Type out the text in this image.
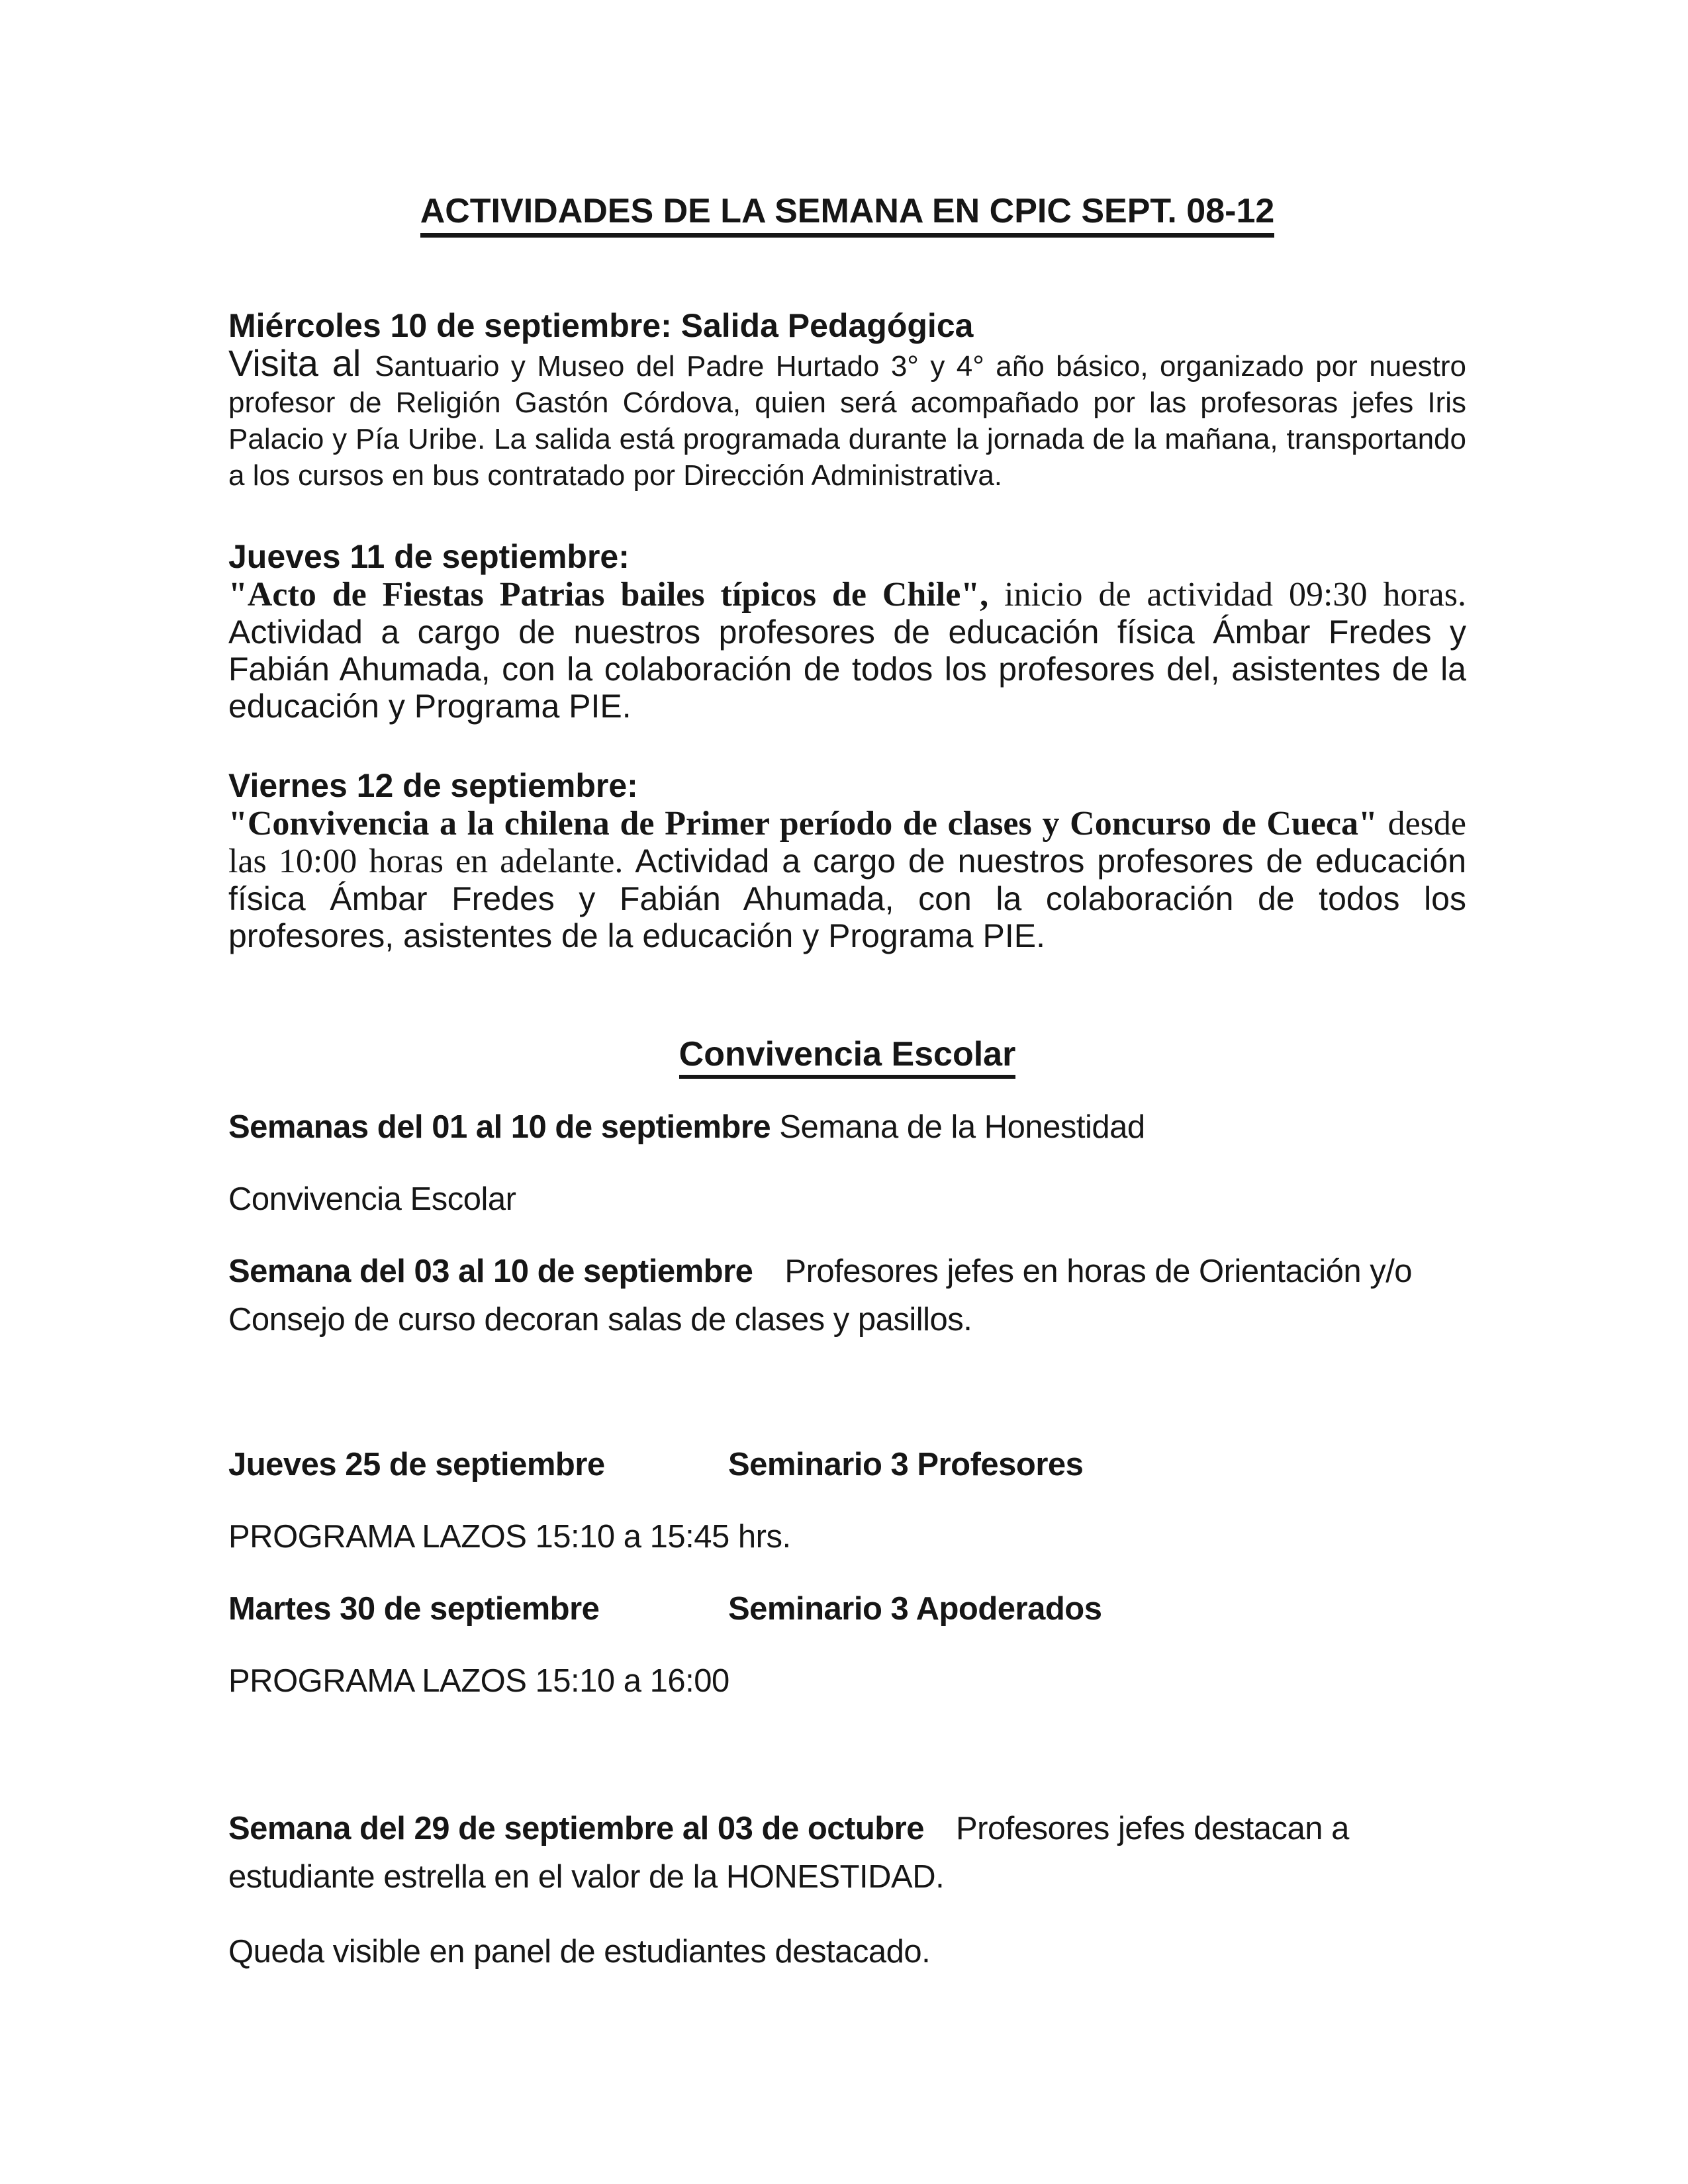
ACTIVIDADES DE LA SEMANA EN CPIC SEPT. 08-12

Miércoles 10 de septiembre: Salida Pedagógica

Visita al Santuario y Museo del Padre Hurtado 3° y 4° año básico, organizado por nuestro profesor de Religión Gastón Córdova, quien será acompañado por las profesoras jefes Iris Palacio y Pía Uribe. La salida está programada durante la jornada de la mañana, transportando a los cursos en bus contratado por Dirección Administrativa.

Jueves 11 de septiembre:

"Acto de Fiestas Patrias bailes típicos de Chile", inicio de actividad 09:30 horas. Actividad a cargo de nuestros profesores de educación física Ámbar Fredes y Fabián Ahumada, con la colaboración de todos los profesores del, asistentes de la educación y Programa PIE.

Viernes 12 de septiembre:

"Convivencia a la chilena de Primer período de clases y Concurso de Cueca" desde las 10:00 horas en adelante. Actividad a cargo de nuestros profesores de educación física Ámbar Fredes y Fabián Ahumada, con la colaboración de todos los profesores, asistentes de la educación y Programa PIE.

Convivencia Escolar

Semanas del 01 al 10 de septiembre Semana de la Honestidad

Convivencia Escolar

Semana del 03 al 10 de septiembre Profesores jefes en horas de Orientación y/o Consejo de curso decoran salas de clases y pasillos.

Jueves 25 de septiembre	Seminario 3 Profesores

PROGRAMA LAZOS 15:10 a 15:45 hrs.

Martes 30 de septiembre	Seminario 3 Apoderados

PROGRAMA LAZOS 15:10 a 16:00

Semana del 29 de septiembre al 03 de octubre Profesores jefes destacan a estudiante estrella en el valor de la HONESTIDAD.

Queda visible en panel de estudiantes destacado.
